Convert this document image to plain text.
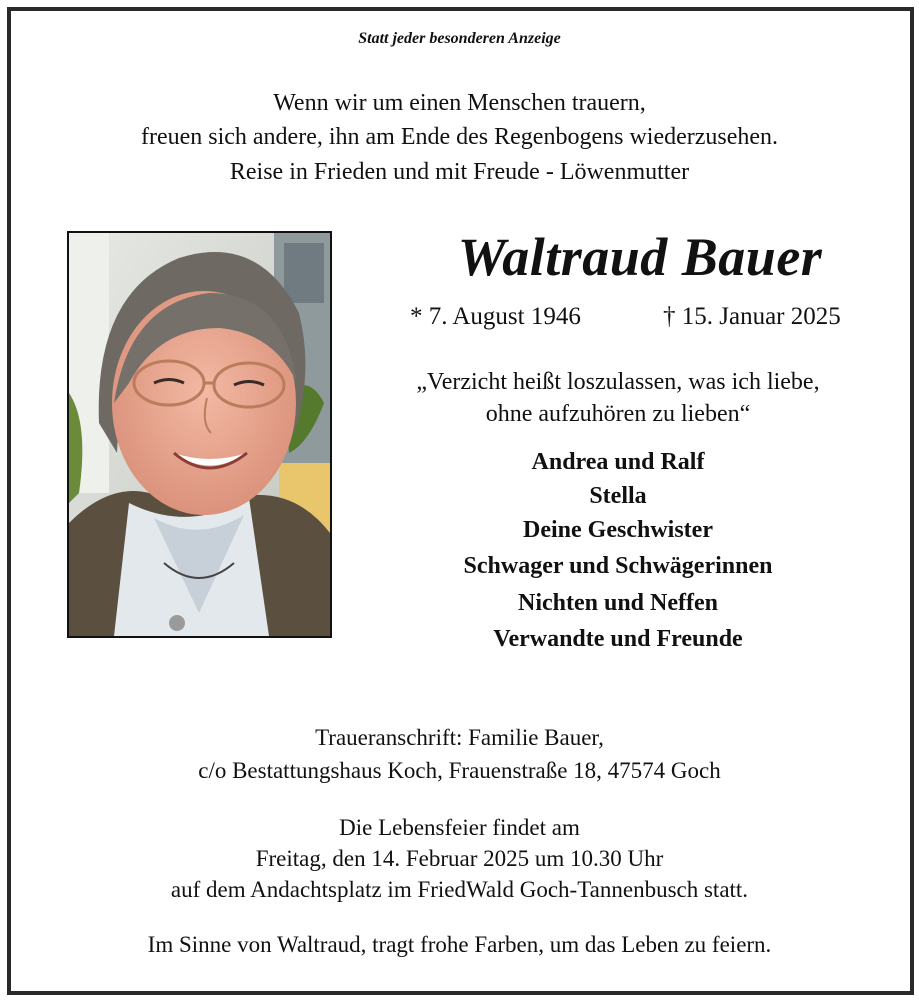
Statt jeder besonderen Anzeige
Wenn wir um einen Menschen trauern,
freuen sich andere, ihn am Ende des Regenbogens wiederzusehen.
Reise in Frieden und mit Freude - Löwenmutter
Waltraud Bauer
* 7. August 1946	† 15. Januar 2025
„Verzicht heißt loszulassen, was ich liebe,
ohne aufzuhören zu lieben“
Andrea und Ralf
Stella
Deine Geschwister
Schwager und Schwägerinnen
Nichten und Neffen
Verwandte und Freunde
Traueranschrift: Familie Bauer,
c/o Bestattungshaus Koch, Frauenstraße 18, 47574 Goch
Die Lebensfeier findet am
Freitag, den 14. Februar 2025 um 10.30 Uhr
auf dem Andachtsplatz im FriedWald Goch-Tannenbusch statt.
Im Sinne von Waltraud, tragt frohe Farben, um das Leben zu feiern.
